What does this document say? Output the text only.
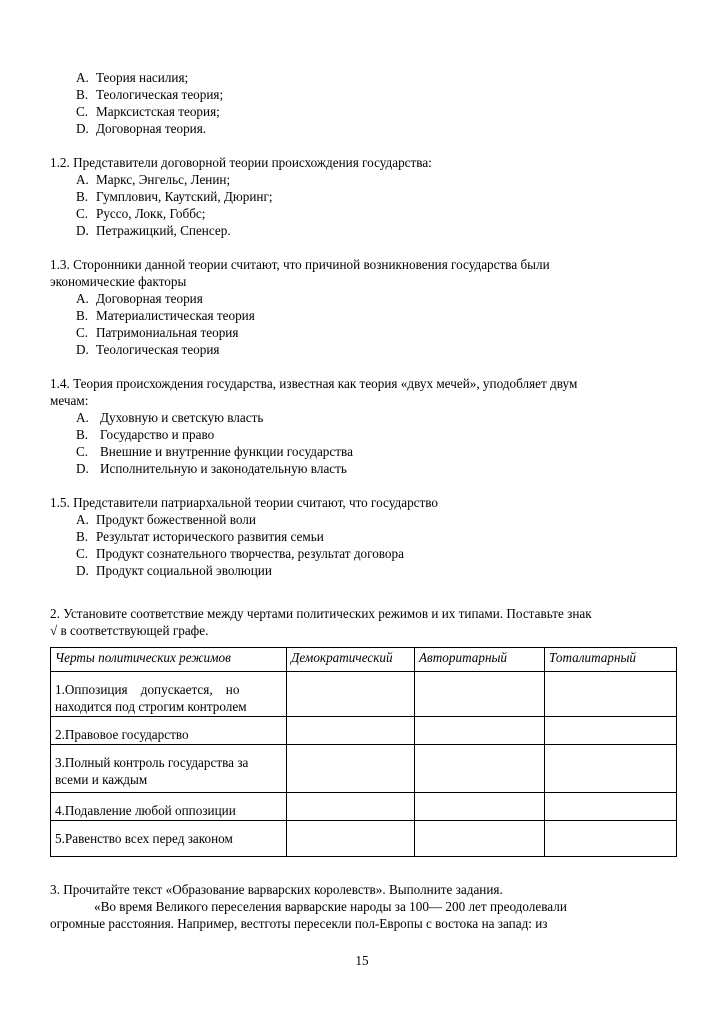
A. Теория насилия;
B. Теологическая теория;
C. Марксистская теория;
D. Договорная теория.
1.2. Представители договорной теории происхождения государства:
A. Маркс, Энгельс, Ленин;
B. Гумплович, Каутский, Дюринг;
C. Руссо, Локк, Гоббс;
D. Петражицкий, Спенсер.
1.3. Сторонники данной теории считают, что причиной возникновения государства были
экономические факторы
A. Договорная теория
B. Материалистическая теория
C. Патримониальная теория
D. Теологическая теория
1.4. Теория происхождения государства, известная как теория «двух мечей», уподобляет двум
мечам:
A. Духовную и светскую власть
B. Государство и право
C. Внешние и внутренние функции государства
D. Исполнительную и законодательную власть
1.5. Представители патриархальной теории считают, что государство
A. Продукт божественной воли
B. Результат исторического развития семьи
C. Продукт сознательного творчества, результат договора
D. Продукт социальной эволюции
2. Установите соответствие между чертами политических режимов и их типами. Поставьте знак
√ в соответствующей графе.
Черты политических режимов	Демократический	Авторитарный	Тоталитарный
1.Оппозиция    допускается,    но
находится под строгим контролем			
2.Правовое государство			
3.Полный контроль государства за
всеми и каждым			
4.Подавление любой оппозиции			
5.Равенство всех перед законом			
3. Прочитайте текст «Образование варварских королевств». Выполните задания.
«Во время Великого переселения варварские народы за 100— 200 лет преодолевали
огромные расстояния. Например, вестготы пересекли пол-Европы с востока на запад: из
15
